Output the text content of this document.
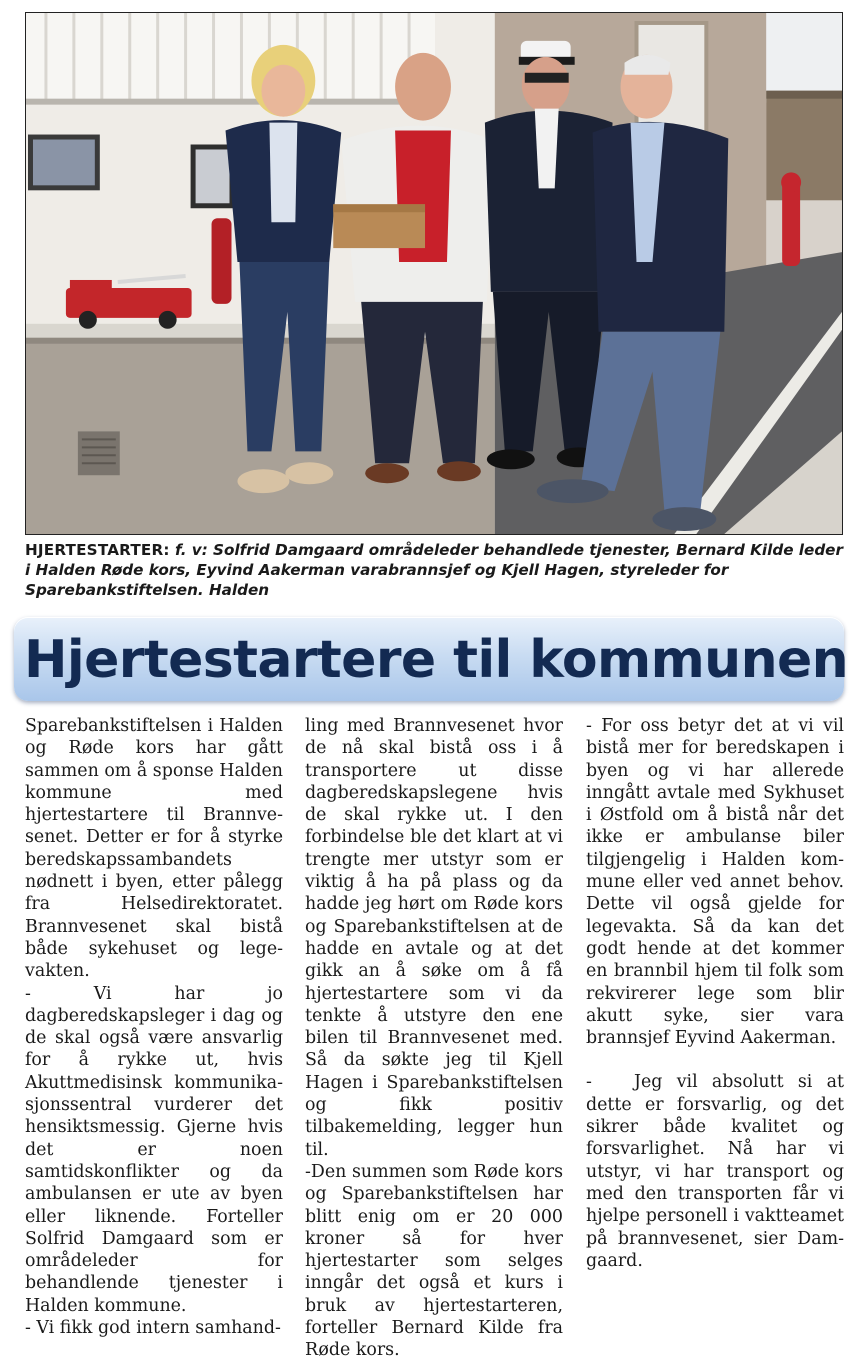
HJERTESTARTER: f. v: Solfrid Damgaard områdeleder behandlede tjenester, Bernard Kilde leder i Halden Røde kors, Eyvind Aakerman varabrannsjef og Kjell Hagen, styreleder for Sparebankstiftelsen. Halden
Hjertestartere til kommunen

Sparebankstiftelsen i Halden og Røde kors har gått sammen om å sponse Halden kommune med hjertestartere til Brannvesenet. Detter er for å styrke beredskapssambandets nødnett i byen, etter pålegg fra Helsedirektoratet. Brannvesenet skal bistå både sykehuset og legevakten.

- Vi har jo dagberedskapsleger i dag og de skal også være ansvarlig for å rykke ut, hvis Akuttmedisinsk kommunikasjonssentral vurderer det hensiktsmessig. Gjerne hvis det er noen samtidskonflikter og da ambulansen er ute av byen eller liknende. Forteller Solfrid Damgaard som er områdeleder for behandlende tjenester i Halden kommune.

- Vi fikk god intern samhand-

ling med Brannvesenet hvor de nå skal bistå oss i å transportere ut disse dagberedskapslegene hvis de skal rykke ut. I den forbindelse ble det klart at vi trengte mer utstyr som er viktig å ha på plass og da hadde jeg hørt om Røde kors og Sparebankstiftelsen at de hadde en avtale og at det gikk an å søke om å få hjertestartere som vi da tenkte å utstyre den ene bilen til Brannvesenet med. Så da søkte jeg til Kjell Hagen i Sparebankstiftelsen og fikk positiv tilbakemelding, legger hun til.

-Den summen som Røde kors og Sparebankstiftelsen har blitt enig om er 20 000 kroner så for hver hjertestarter som selges inngår det også et kurs i bruk av hjertestarteren, forteller Bernard Kilde fra Røde kors.

- For oss betyr det at vi vil bistå mer for beredskapen i byen og vi har allerede inngått avtale med Sykhuset i Østfold om å bistå når det ikke er ambulanse biler tilgjengelig i Halden kommune eller ved annet behov. Dette vil også gjelde for legevakta. Så da kan det godt hende at det kommer en brannbil hjem til folk som rekvirerer lege som blir akutt syke, sier vara brannsjef Eyvind Aakerman.

- Jeg vil absolutt si at dette er forsvarlig, og det sikrer både kvalitet og forsvarlighet. Nå har vi utstyr, vi har transport og med den transporten får vi hjelpe personell i vaktteamet på brannvesenet, sier Damgaard.
